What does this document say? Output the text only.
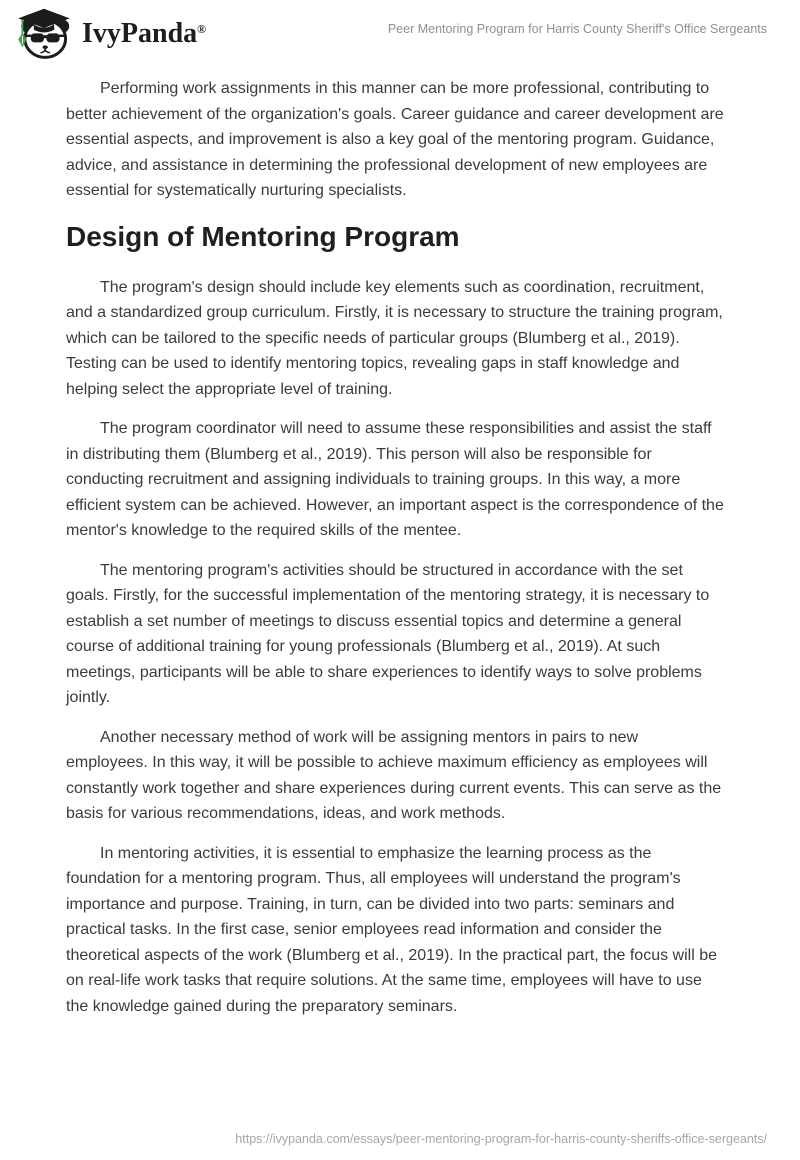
IvyPanda®	Peer Mentoring Program for Harris County Sheriff's Office Sergeants

Performing work assignments in this manner can be more professional, contributing to better achievement of the organization's goals. Career guidance and career development are essential aspects, and improvement is also a key goal of the mentoring program. Guidance, advice, and assistance in determining the professional development of new employees are essential for systematically nurturing specialists.

Design of Mentoring Program

The program's design should include key elements such as coordination, recruitment, and a standardized group curriculum. Firstly, it is necessary to structure the training program, which can be tailored to the specific needs of particular groups (Blumberg et al., 2019). Testing can be used to identify mentoring topics, revealing gaps in staff knowledge and helping select the appropriate level of training.

The program coordinator will need to assume these responsibilities and assist the staff in distributing them (Blumberg et al., 2019). This person will also be responsible for conducting recruitment and assigning individuals to training groups. In this way, a more efficient system can be achieved. However, an important aspect is the correspondence of the mentor's knowledge to the required skills of the mentee.

The mentoring program's activities should be structured in accordance with the set goals. Firstly, for the successful implementation of the mentoring strategy, it is necessary to establish a set number of meetings to discuss essential topics and determine a general course of additional training for young professionals (Blumberg et al., 2019). At such meetings, participants will be able to share experiences to identify ways to solve problems jointly.

Another necessary method of work will be assigning mentors in pairs to new employees. In this way, it will be possible to achieve maximum efficiency as employees will constantly work together and share experiences during current events. This can serve as the basis for various recommendations, ideas, and work methods.

In mentoring activities, it is essential to emphasize the learning process as the foundation for a mentoring program. Thus, all employees will understand the program's importance and purpose. Training, in turn, can be divided into two parts: seminars and practical tasks. In the first case, senior employees read information and consider the theoretical aspects of the work (Blumberg et al., 2019). In the practical part, the focus will be on real-life work tasks that require solutions. At the same time, employees will have to use the knowledge gained during the preparatory seminars.

https://ivypanda.com/essays/peer-mentoring-program-for-harris-county-sheriffs-office-sergeants/
